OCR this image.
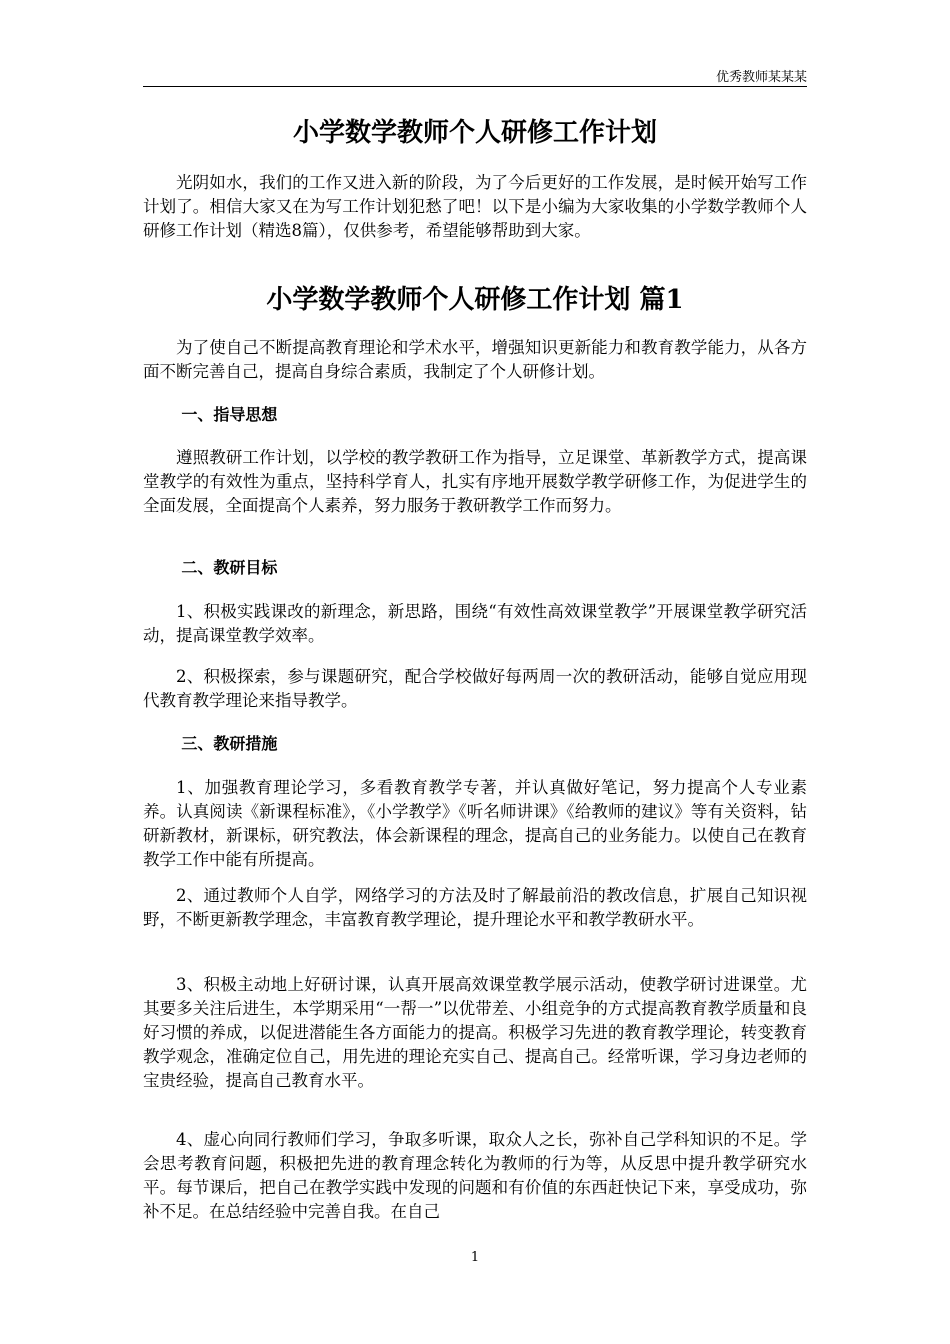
优秀教师某某某
小学数学教师个人研修工作计划

光阴如水，我们的工作又进入新的阶段，为了今后更好的工作发展，是时候开始写工作计划了。相信大家又在为写工作计划犯愁了吧！以下是小编为大家收集的小学数学教师个人研修工作计划（精选8篇），仅供参考，希望能够帮助到大家。

小学数学教师个人研修工作计划 篇1

为了使自己不断提高教育理论和学术水平，增强知识更新能力和教育教学能力，从各方面不断完善自己，提高自身综合素质，我制定了个人研修计划。

一、指导思想

遵照教研工作计划，以学校的教学教研工作为指导，立足课堂、革新教学方式，提高课堂教学的有效性为重点，坚持科学育人，扎实有序地开展数学教学研修工作，为促进学生的全面发展，全面提高个人素养，努力服务于教研教学工作而努力。

二、教研目标

1、积极实践课改的新理念，新思路，围绕“有效性高效课堂教学”开展课堂教学研究活动，提高课堂教学效率。

2、积极探索，参与课题研究，配合学校做好每两周一次的教研活动，能够自觉应用现代教育教学理论来指导教学。

三、教研措施

1、加强教育理论学习，多看教育教学专著，并认真做好笔记，努力提高个人专业素养。认真阅读《新课程标准》，《小学教学》《听名师讲课》《给教师的建议》等有关资料，钻研新教材，新课标，研究教法，体会新课程的理念，提高自己的业务能力。以使自己在教育教学工作中能有所提高。

2、通过教师个人自学，网络学习的方法及时了解最前沿的教改信息，扩展自己知识视野，不断更新教学理念，丰富教育教学理论，提升理论水平和教学教研水平。

3、积极主动地上好研讨课，认真开展高效课堂教学展示活动，使教学研讨进课堂。尤其要多关注后进生，本学期采用“一帮一”以优带差、小组竞争的方式提高教育教学质量和良好习惯的养成，以促进潜能生各方面能力的提高。积极学习先进的教育教学理论，转变教育教学观念，准确定位自己，用先进的理论充实自己、提高自己。经常听课，学习身边老师的宝贵经验，提高自己教育水平。

4、虚心向同行教师们学习，争取多听课，取众人之长，弥补自己学科知识的不足。学会思考教育问题，积极把先进的教育理念转化为教师的行为等，从反思中提升教学研究水平。每节课后，把自己在教学实践中发现的问题和有价值的东西赶快记下来，享受成功，弥补不足。在总结经验中完善自我。在自己

1
